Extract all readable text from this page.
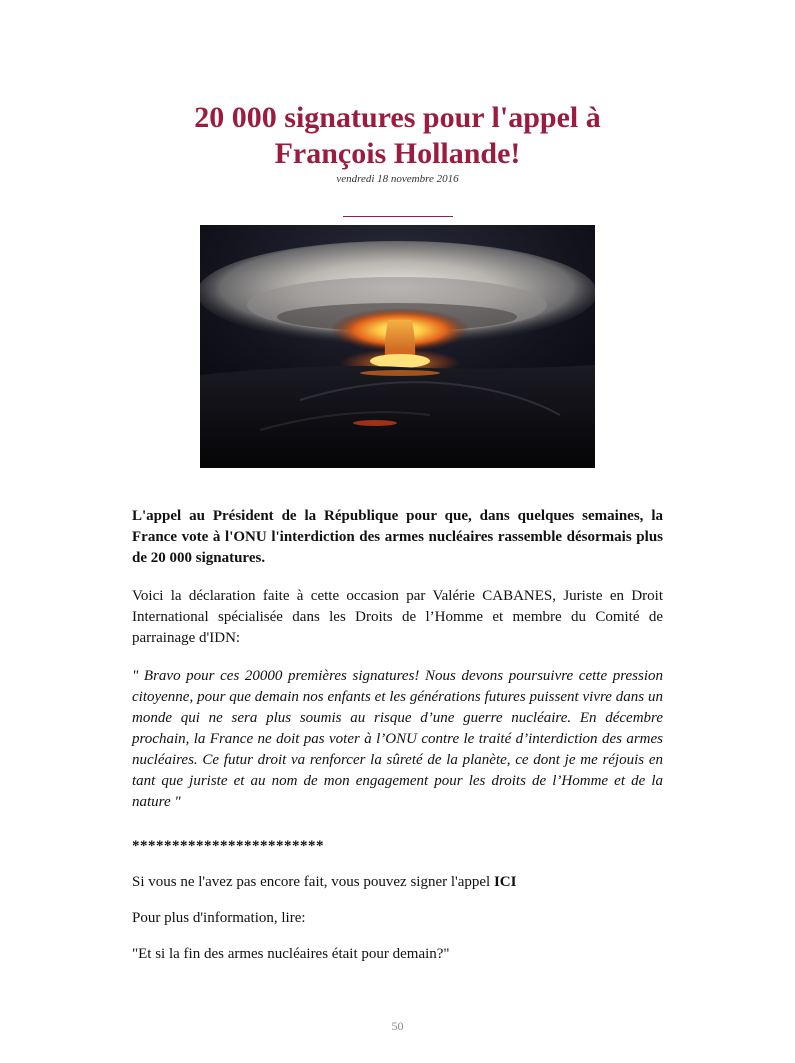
20 000 signatures pour l'appel à
François Hollande!
vendredi 18 novembre 2016

L'appel au Président de la République pour que, dans quelques semaines, la France vote à l'ONU l'interdiction des armes nucléaires rassemble désormais plus de 20 000 signatures.

Voici la déclaration faite à cette occasion par Valérie CABANES, Juriste en Droit International spécialisée dans les Droits de l’Homme et membre du Comité de parrainage d'IDN:

" Bravo pour ces 20000 premières signatures! Nous devons poursuivre cette pression citoyenne, pour que demain nos enfants et les générations futures puissent vivre dans un monde qui ne sera plus soumis au risque d’une guerre nucléaire. En décembre prochain, la France ne doit pas voter à l’ONU contre le traité d’interdiction des armes nucléaires. Ce futur droit va renforcer la sûreté de la planète, ce dont je me réjouis en tant que juriste et au nom de mon engagement pour les droits de l’Homme et de la nature "

************************

Si vous ne l'avez pas encore fait, vous pouvez signer l'appel ICI

Pour plus d'information, lire:

"Et si la fin des armes nucléaires était pour demain?"

50
